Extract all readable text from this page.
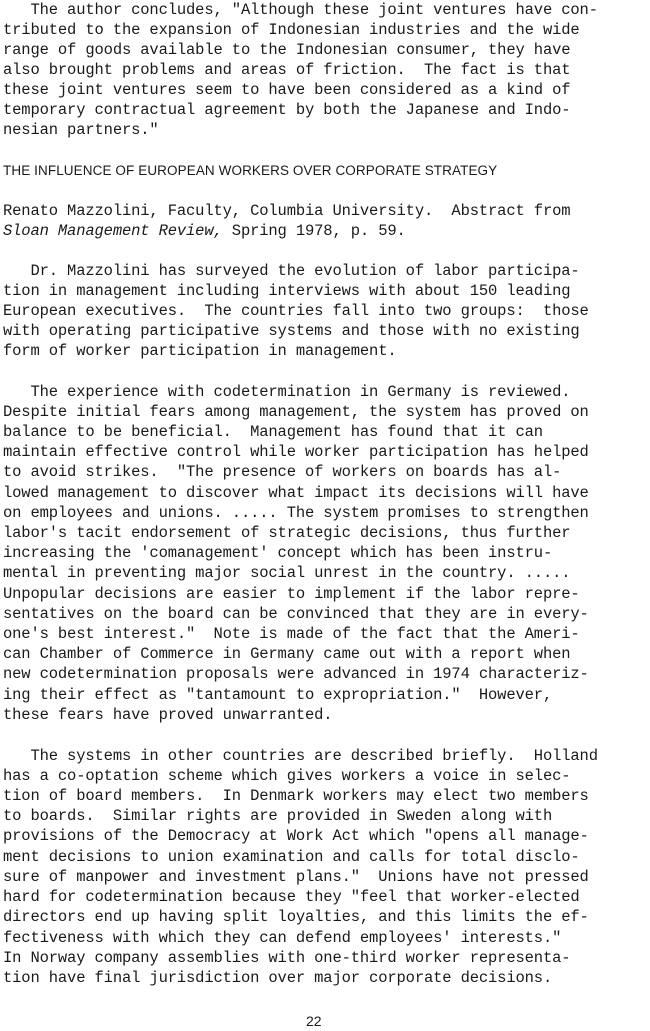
The author concludes, "Although these joint ventures have con-
tributed to the expansion of Indonesian industries and the wide
range of goods available to the Indonesian consumer, they have
also brought problems and areas of friction.  The fact is that
these joint ventures seem to have been considered as a kind of
temporary contractual agreement by both the Japanese and Indo-
nesian partners."
THE INFLUENCE OF EUROPEAN WORKERS OVER CORPORATE STRATEGY
Renato Mazzolini, Faculty, Columbia University.  Abstract from
Sloan Management Review, Spring 1978, p. 59.
Dr. Mazzolini has surveyed the evolution of labor participa-
tion in management including interviews with about 150 leading
European executives.  The countries fall into two groups:  those
with operating participative systems and those with no existing
form of worker participation in management.
The experience with codetermination in Germany is reviewed.
Despite initial fears among management, the system has proved on
balance to be beneficial.  Management has found that it can
maintain effective control while worker participation has helped
to avoid strikes.  "The presence of workers on boards has al-
lowed management to discover what impact its decisions will have
on employees and unions. ..... The system promises to strengthen
labor's tacit endorsement of strategic decisions, thus further
increasing the 'comanagement' concept which has been instru-
mental in preventing major social unrest in the country. .....
Unpopular decisions are easier to implement if the labor repre-
sentatives on the board can be convinced that they are in every-
one's best interest."  Note is made of the fact that the Ameri-
can Chamber of Commerce in Germany came out with a report when
new codetermination proposals were advanced in 1974 characteriz-
ing their effect as "tantamount to expropriation."  However,
these fears have proved unwarranted.
The systems in other countries are described briefly.  Holland
has a co-optation scheme which gives workers a voice in selec-
tion of board members.  In Denmark workers may elect two members
to boards.  Similar rights are provided in Sweden along with
provisions of the Democracy at Work Act which "opens all manage-
ment decisions to union examination and calls for total disclo-
sure of manpower and investment plans."  Unions have not pressed
hard for codetermination because they "feel that worker-elected
directors end up having split loyalties, and this limits the ef-
fectiveness with which they can defend employees' interests."
In Norway company assemblies with one-third worker representa-
tion have final jurisdiction over major corporate decisions.
22
